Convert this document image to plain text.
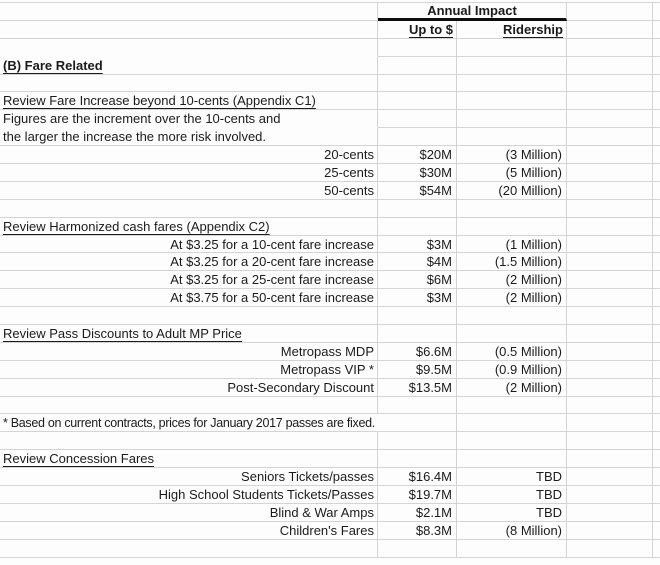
Annual Impact
Up to $	Ridership
(B) Fare Related
Review Fare Increase beyond 10-cents (Appendix C1)
Figures are the increment over the 10-cents and
the larger the increase the more risk involved.
20-cents	$20M	(3 Million)
25-cents	$30M	(5 Million)
50-cents	$54M	(20 Million)
Review Harmonized cash fares (Appendix C2)
At $3.25 for a 10-cent fare increase	$3M	(1 Million)
At $3.25 for a 20-cent fare increase	$4M	(1.5 Million)
At $3.25 for a 25-cent fare increase	$6M	(2 Million)
At $3.75 for a 50-cent fare increase	$3M	(2 Million)
Review Pass Discounts to Adult MP Price
Metropass MDP	$6.6M	(0.5 Million)
Metropass VIP *	$9.5M	(0.9 Million)
Post-Secondary Discount	$13.5M	(2 Million)
* Based on current contracts, prices for January 2017 passes are fixed.
Review Concession Fares
Seniors Tickets/passes	$16.4M	TBD
High School Students Tickets/Passes	$19.7M	TBD
Blind & War Amps	$2.1M	TBD
Children's Fares	$8.3M	(8 Million)
